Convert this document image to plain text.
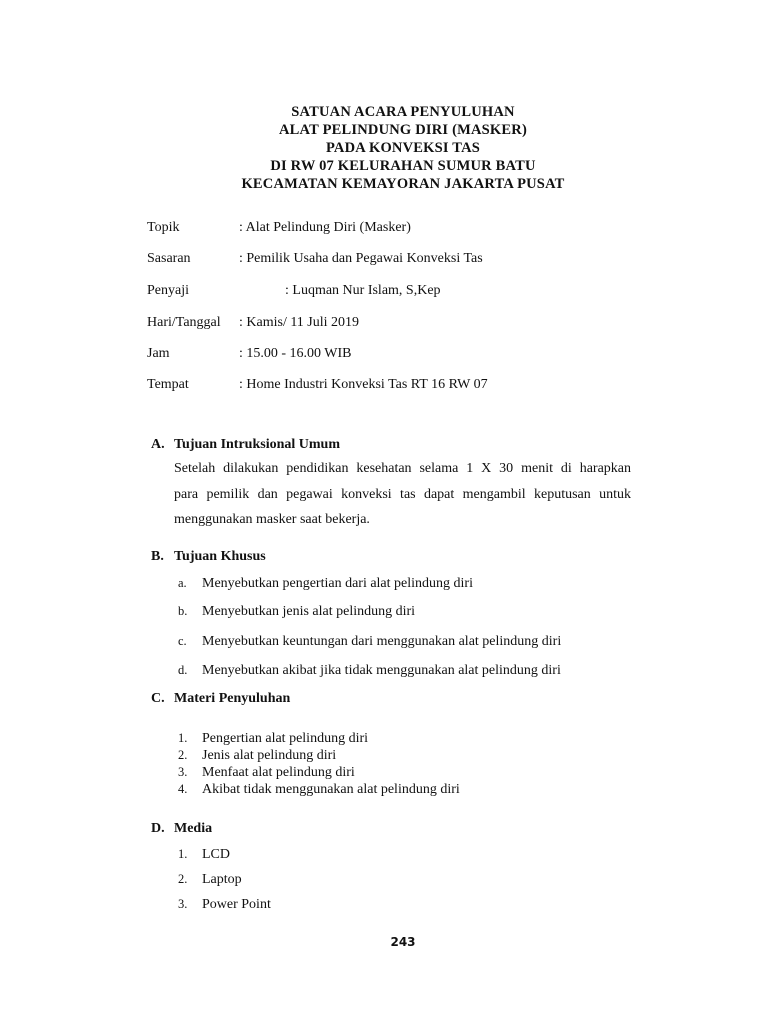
SATUAN ACARA PENYULUHAN
ALAT PELINDUNG DIRI (MASKER)
PADA KONVEKSI TAS
DI RW 07 KELURAHAN SUMUR BATU
KECAMATAN KEMAYORAN JAKARTA PUSAT
Topik	: Alat Pelindung Diri (Masker)
Sasaran	: Pemilik Usaha dan Pegawai Konveksi Tas
Penyaji	: Luqman Nur Islam, S,Kep
Hari/Tanggal : Kamis/ 11 Juli 2019
Jam	: 15.00 - 16.00 WIB
Tempat	: Home Industri Konveksi Tas RT 16 RW 07
A. Tujuan Intruksional Umum
Setelah dilakukan pendidikan kesehatan selama 1 X 30 menit di harapkan
para pemilik dan pegawai konveksi tas dapat mengambil keputusan untuk
menggunakan masker saat bekerja.
B. Tujuan Khusus
a. Menyebutkan pengertian dari alat pelindung diri
b. Menyebutkan jenis alat pelindung diri
c. Menyebutkan keuntungan dari menggunakan alat pelindung diri
d. Menyebutkan akibat jika tidak menggunakan alat pelindung diri
C. Materi Penyuluhan
1. Pengertian alat pelindung diri
2. Jenis alat pelindung diri
3. Menfaat alat pelindung diri
4. Akibat tidak menggunakan alat pelindung diri
D. Media
1. LCD
2. Laptop
3. Power Point
243
